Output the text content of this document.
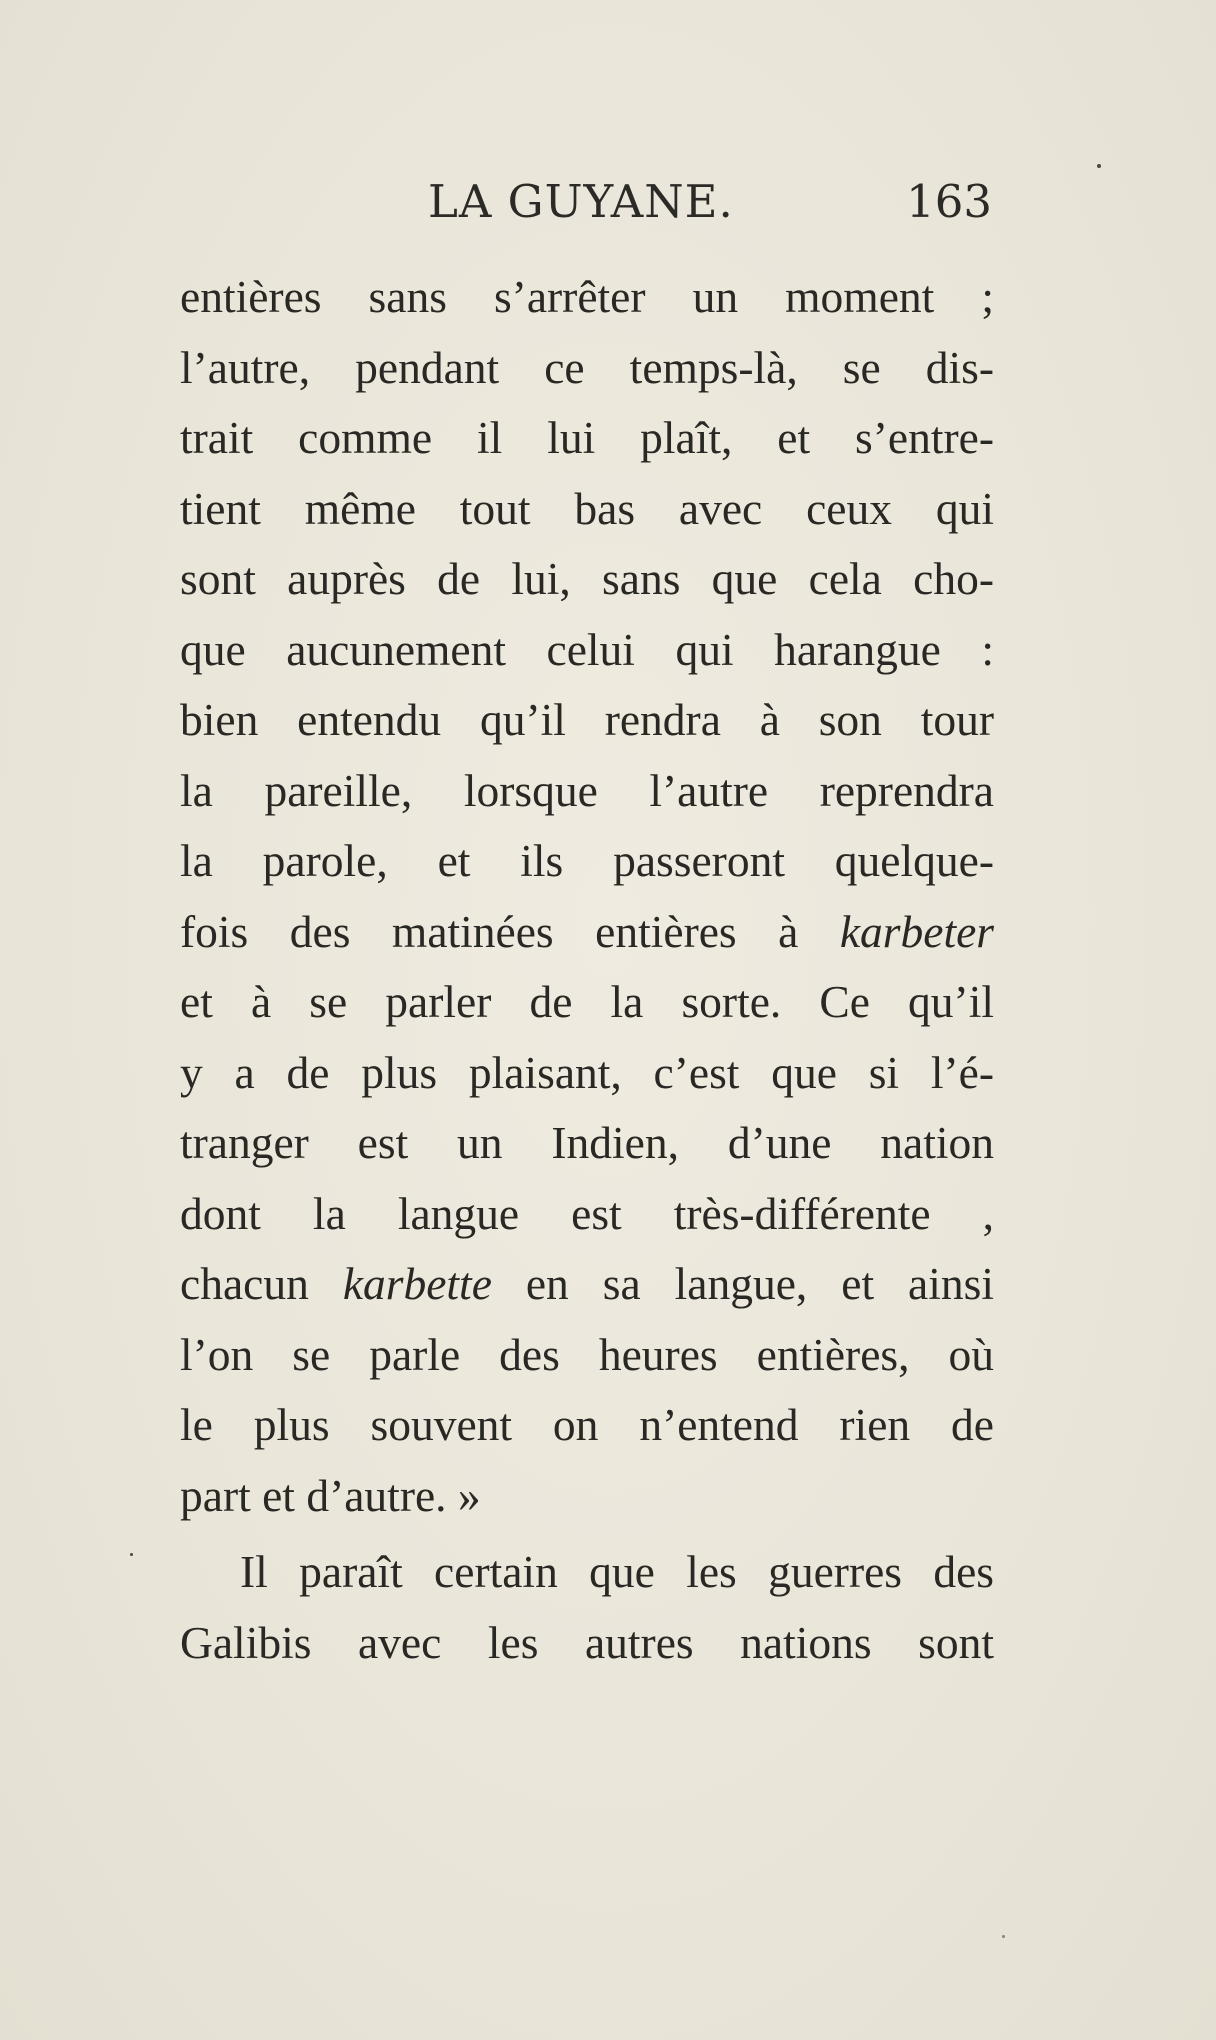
LA GUYANE.	163
entières sans s’arrêter un moment ;
l’autre, pendant ce temps-là, se dis-
trait comme il lui plaît, et s’entre-
tient même tout bas avec ceux qui
sont auprès de lui, sans que cela cho-
que aucunement celui qui harangue :
bien entendu qu’il rendra à son tour
la pareille, lorsque l’autre reprendra
la parole, et ils passeront quelque-
fois des matinées entières à karbeter
et à se parler de la sorte. Ce qu’il
y a de plus plaisant, c’est que si l’é-
tranger est un Indien, d’une nation
dont la langue est très-différente ,
chacun karbette en sa langue, et ainsi
l’on se parle des heures entières, où
le plus souvent on n’entend rien de
part et d’autre. »
Il paraît certain que les guerres des
Galibis avec les autres nations sont
